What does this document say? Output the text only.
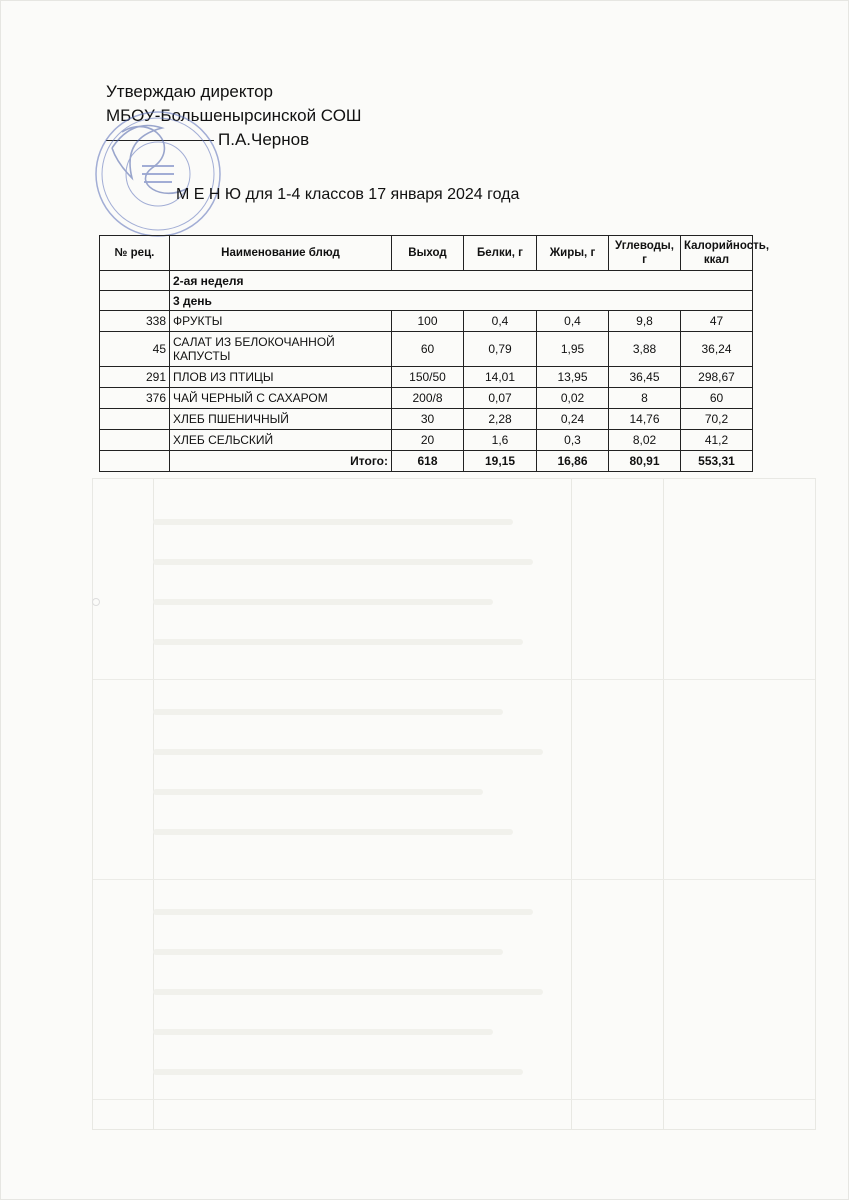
Утверждаю директор
МБОУ-Большенырсинской СОШ
П.А.Чернов
М Е Н Ю для 1-4 классов 17 января 2024 года
№ рец.	Наименование блюд	Выход	Белки, г	Жиры, г	Углеводы, г	Калорийность, ккал
	2-ая неделя					
	3 день					
338	ФРУКТЫ	100	0,4	0,4	9,8	47
45	САЛАТ ИЗ БЕЛОКОЧАННОЙ КАПУСТЫ	60	0,79	1,95	3,88	36,24
291	ПЛОВ ИЗ ПТИЦЫ	150/50	14,01	13,95	36,45	298,67
376	ЧАЙ ЧЕРНЫЙ С САХАРОМ	200/8	0,07	0,02	8	60
	ХЛЕБ ПШЕНИЧНЫЙ	30	2,28	0,24	14,76	70,2
	ХЛЕБ СЕЛЬСКИЙ	20	1,6	0,3	8,02	41,2
	Итого:	618	19,15	16,86	80,91	553,31
